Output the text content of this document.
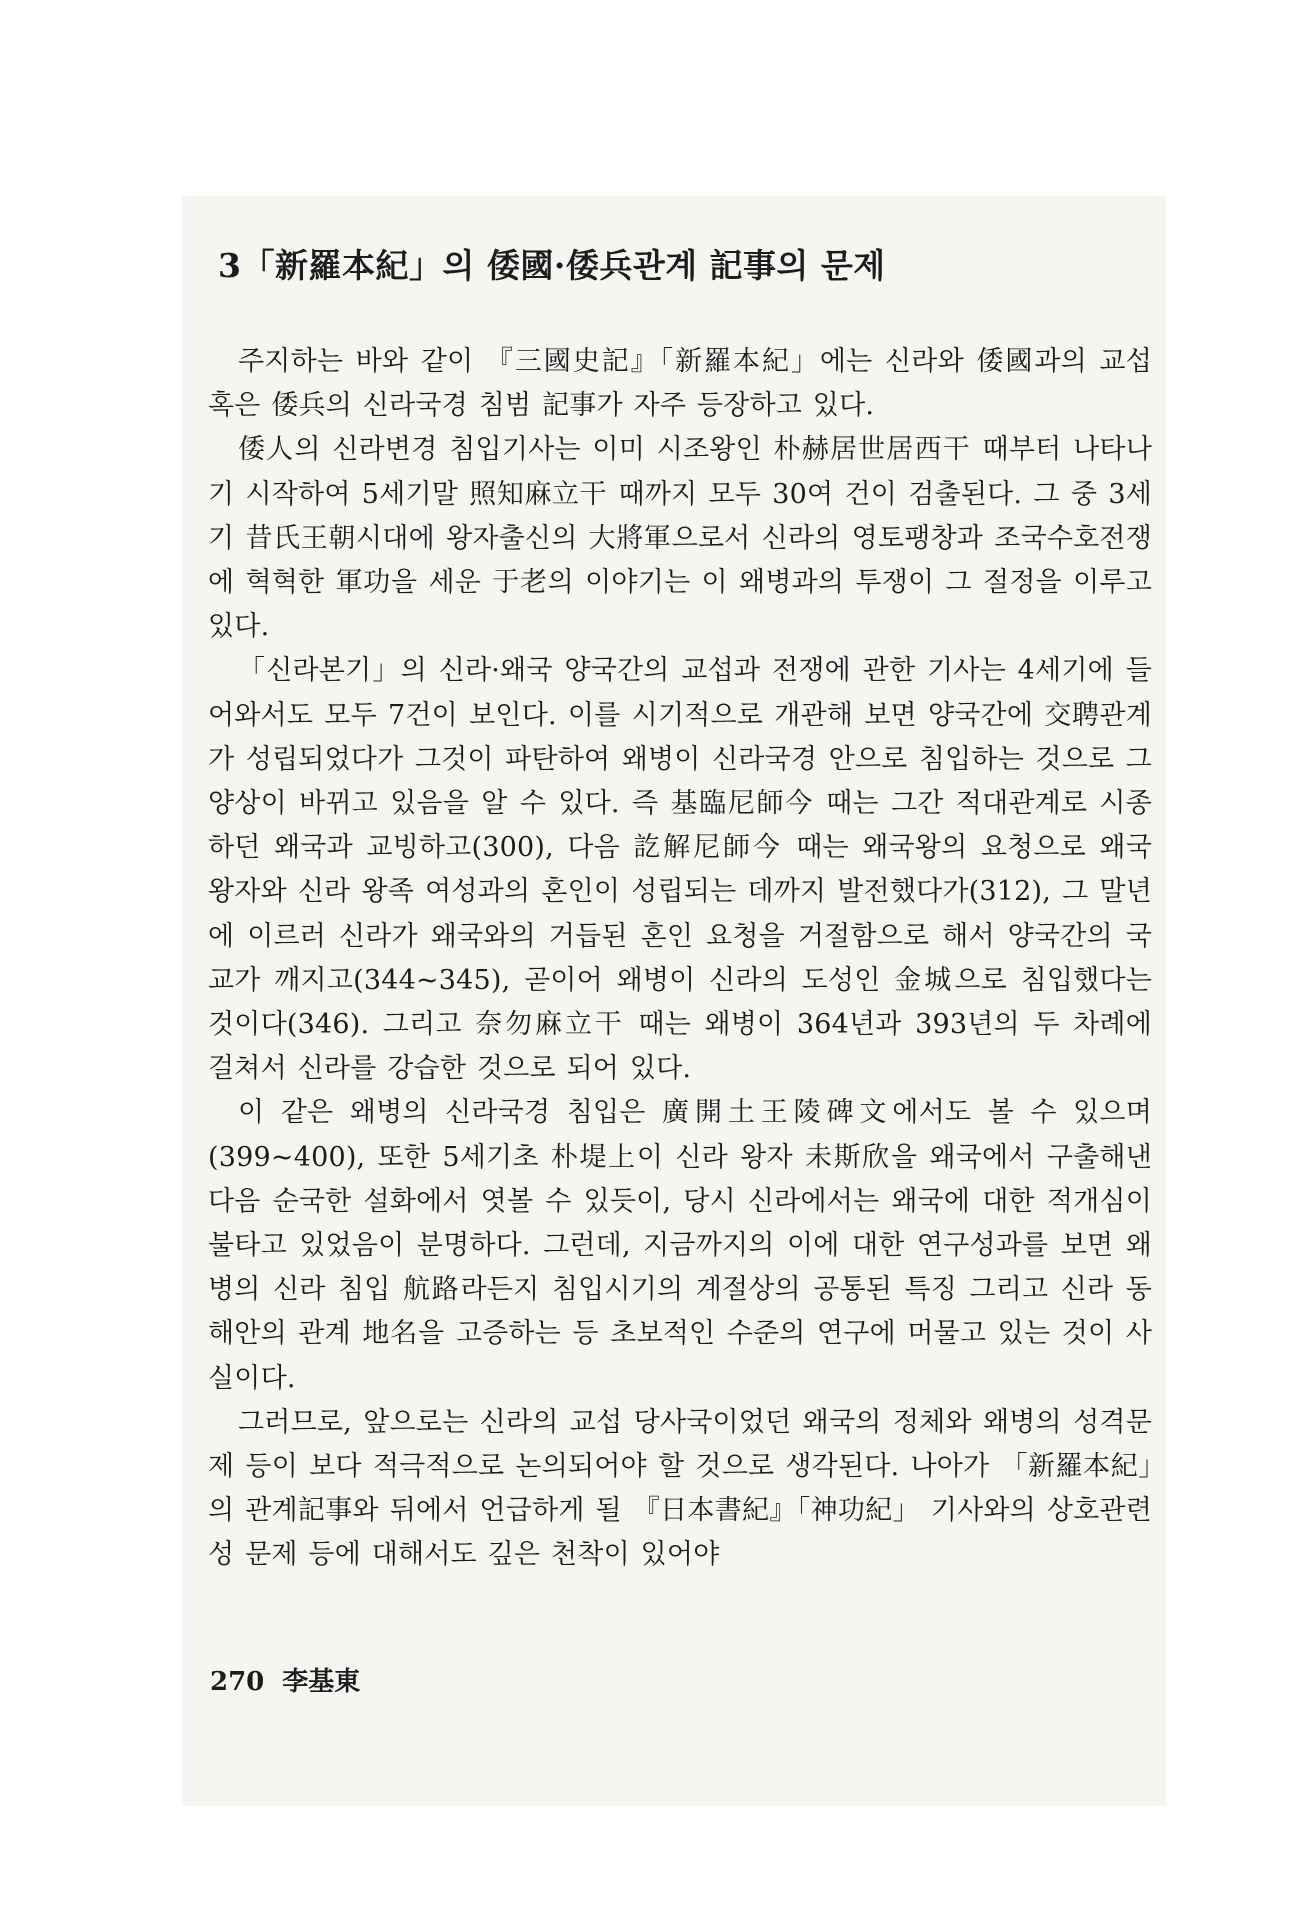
3「新羅本紀」의 倭國·倭兵관계 記事의 문제

주지하는 바와 같이 『三國史記』「新羅本紀」에는 신라와 倭國과의 교섭 혹은 倭兵의 신라국경 침범 記事가 자주 등장하고 있다.

倭人의 신라변경 침입기사는 이미 시조왕인 朴赫居世居西干 때부터 나타나기 시작하여 5세기말 照知麻立干 때까지 모두 30여 건이 검출된다. 그 중 3세기 昔氏王朝시대에 왕자출신의 大將軍으로서 신라의 영토팽창과 조국수호전쟁에 혁혁한 軍功을 세운 于老의 이야기는 이 왜병과의 투쟁이 그 절정을 이루고 있다.

「신라본기」의 신라·왜국 양국간의 교섭과 전쟁에 관한 기사는 4세기에 들어와서도 모두 7건이 보인다. 이를 시기적으로 개관해 보면 양국간에 交聘관계가 성립되었다가 그것이 파탄하여 왜병이 신라국경 안으로 침입하는 것으로 그 양상이 바뀌고 있음을 알 수 있다. 즉 基臨尼師今 때는 그간 적대관계로 시종하던 왜국과 교빙하고(300), 다음 訖解尼師今 때는 왜국왕의 요청으로 왜국 왕자와 신라 왕족 여성과의 혼인이 성립되는 데까지 발전했다가(312), 그 말년에 이르러 신라가 왜국와의 거듭된 혼인 요청을 거절함으로 해서 양국간의 국교가 깨지고(344~345), 곧이어 왜병이 신라의 도성인 金城으로 침입했다는 것이다(346). 그리고 奈勿麻立干 때는 왜병이 364년과 393년의 두 차례에 걸쳐서 신라를 강습한 것으로 되어 있다.

이 같은 왜병의 신라국경 침입은 廣開土王陵碑文에서도 볼 수 있으며(399~400), 또한 5세기초 朴堤上이 신라 왕자 未斯欣을 왜국에서 구출해낸 다음 순국한 설화에서 엿볼 수 있듯이, 당시 신라에서는 왜국에 대한 적개심이 불타고 있었음이 분명하다. 그런데, 지금까지의 이에 대한 연구성과를 보면 왜병의 신라 침입 航路라든지 침입시기의 계절상의 공통된 특징 그리고 신라 동해안의 관계 地名을 고증하는 등 초보적인 수준의 연구에 머물고 있는 것이 사실이다.

그러므로, 앞으로는 신라의 교섭 당사국이었던 왜국의 정체와 왜병의 성격문제 등이 보다 적극적으로 논의되어야 할 것으로 생각된다. 나아가 「新羅本紀」의 관계記事와 뒤에서 언급하게 될 『日本書紀』「神功紀」 기사와의 상호관련성 문제 등에 대해서도 깊은 천착이 있어야

270 李基東
